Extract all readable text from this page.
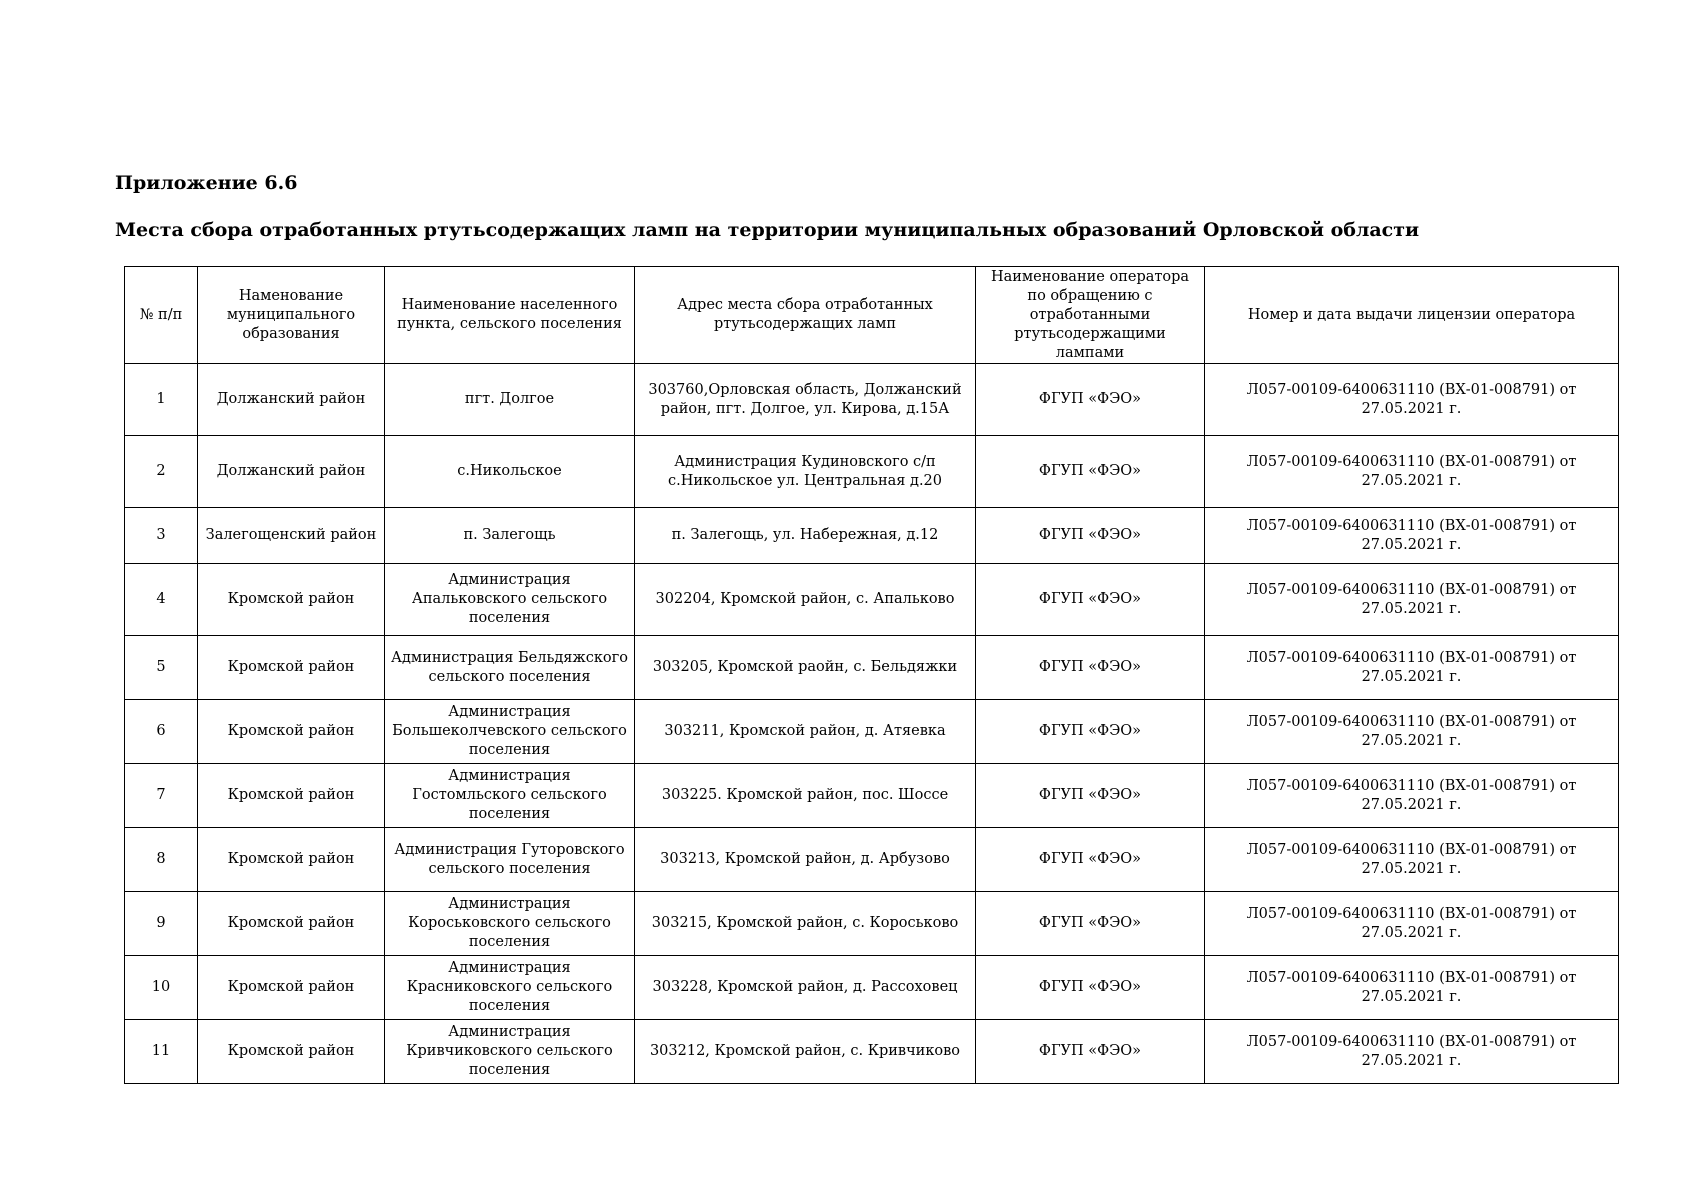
Приложение 6.6

Места сбора отработанных ртутьсодержащих ламп на территории муниципальных образований Орловской области

№ п/п	Наменование муниципального образования	Наименование населенного пункта, сельского поселения	Адрес места сбора отработанных ртутьсодержащих ламп	Наименование оператора по обращению с отработанными ртутьсодержащими лампами	Номер и дата выдачи лицензии оператора
1	Должанский район	пгт. Долгое	303760,Орловская область, Должанский район, пгт. Долгое, ул. Кирова, д.15А	ФГУП «ФЭО»	Л057-00109-6400631110 (ВХ-01-008791) от 27.05.2021 г.
2	Должанский район	с.Никольское	Администрация Кудиновского с/п с.Никольское ул. Центральная д.20	ФГУП «ФЭО»	Л057-00109-6400631110 (ВХ-01-008791) от 27.05.2021 г.
3	Залегощенский район	п. Залегощь	п. Залегощь, ул. Набережная, д.12	ФГУП «ФЭО»	Л057-00109-6400631110 (ВХ-01-008791) от 27.05.2021 г.
4	Кромской район	Администрация Апальковского сельского поселения	302204, Кромской район, с. Апальково	ФГУП «ФЭО»	Л057-00109-6400631110 (ВХ-01-008791) от 27.05.2021 г.
5	Кромской район	Администрация Бельдяжского сельского поселения	303205, Кромской раойн, с. Бельдяжки	ФГУП «ФЭО»	Л057-00109-6400631110 (ВХ-01-008791) от 27.05.2021 г.
6	Кромской район	Администрация Большеколчевского сельского поселения	303211, Кромской район, д. Атяевка	ФГУП «ФЭО»	Л057-00109-6400631110 (ВХ-01-008791) от 27.05.2021 г.
7	Кромской район	Администрация Гостомльского сельского поселения	303225. Кромской район, пос. Шоссе	ФГУП «ФЭО»	Л057-00109-6400631110 (ВХ-01-008791) от 27.05.2021 г.
8	Кромской район	Администрация Гуторовского сельского поселения	303213, Кромской район, д. Арбузово	ФГУП «ФЭО»	Л057-00109-6400631110 (ВХ-01-008791) от 27.05.2021 г.
9	Кромской район	Администрация Короськовского сельского поселения	303215, Кромской район, с. Короськово	ФГУП «ФЭО»	Л057-00109-6400631110 (ВХ-01-008791) от 27.05.2021 г.
10	Кромской район	Администрация Красниковского сельского поселения	303228, Кромской район, д. Рассоховец	ФГУП «ФЭО»	Л057-00109-6400631110 (ВХ-01-008791) от 27.05.2021 г.
11	Кромской район	Администрация Кривчиковского сельского поселения	303212, Кромской район, с. Кривчиково	ФГУП «ФЭО»	Л057-00109-6400631110 (ВХ-01-008791) от 27.05.2021 г.
